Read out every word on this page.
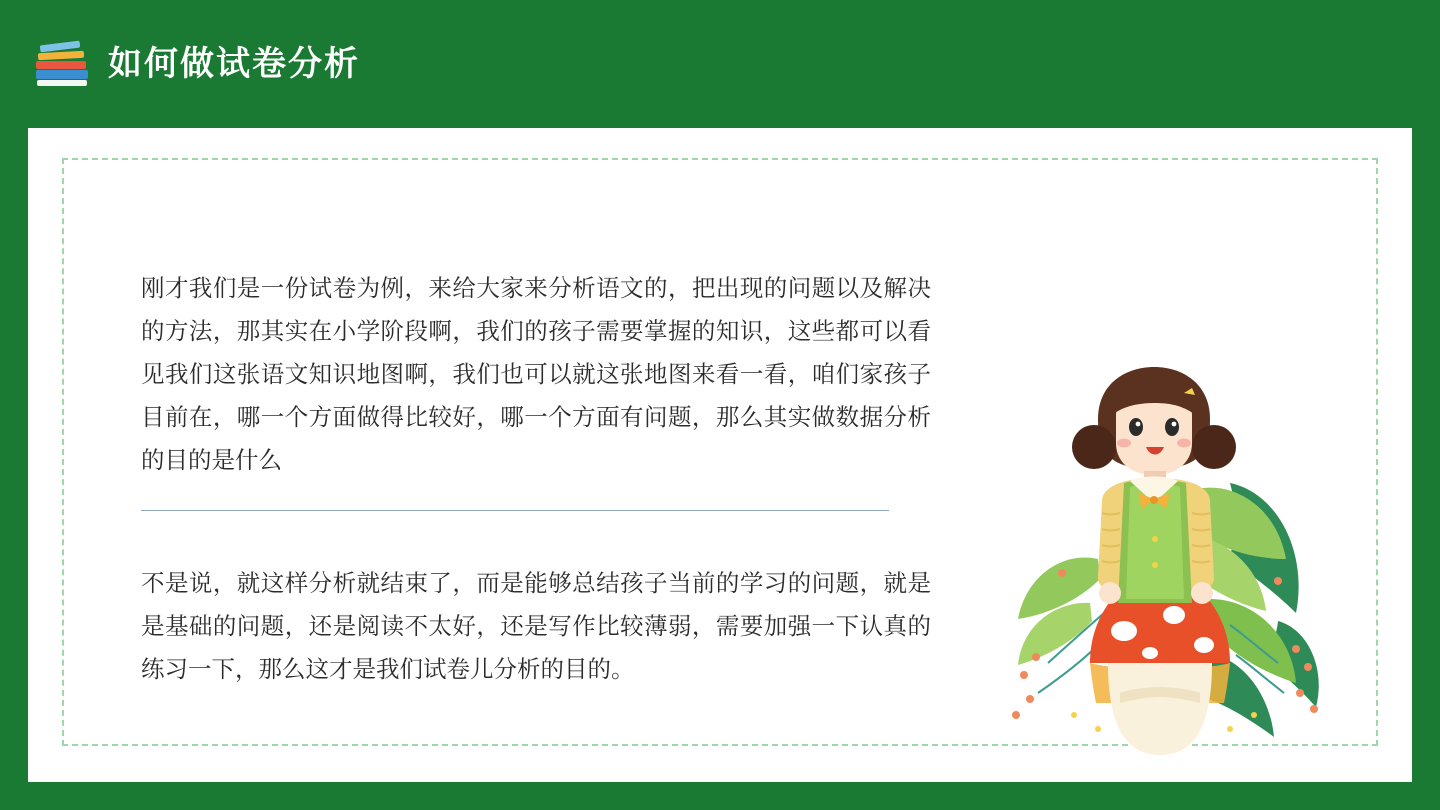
如何做试卷分析
刚才我们是一份试卷为例，来给大家来分析语文的，把出现的问题以及解决的方法，那其实在小学阶段啊，我们的孩子需要掌握的知识，这些都可以看见我们这张语文知识地图啊，我们也可以就这张地图来看一看，咱们家孩子目前在，哪一个方面做得比较好，哪一个方面有问题，那么其实做数据分析的目的是什么
不是说，就这样分析就结束了，而是能够总结孩子当前的学习的问题，就是是基础的问题，还是阅读不太好，还是写作比较薄弱，需要加强一下认真的练习一下，那么这才是我们试卷儿分析的目的。
